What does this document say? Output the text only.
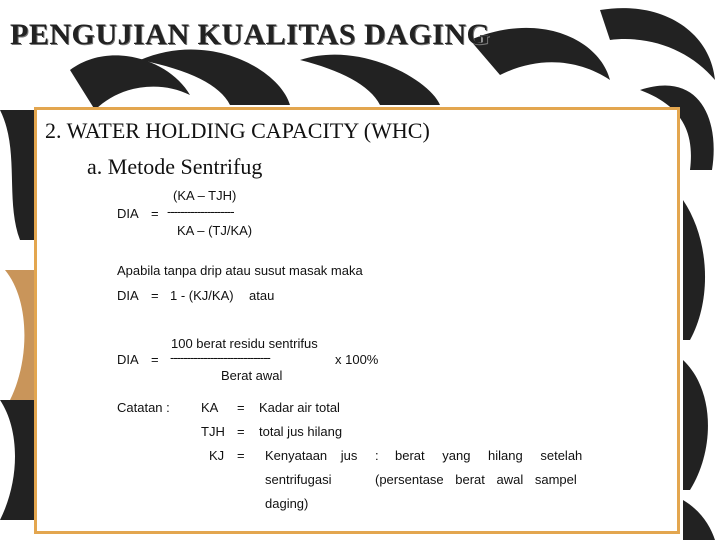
PENGUJIAN KUALITAS DAGING
2. WATER HOLDING CAPACITY (WHC)
a. Metode Sentrifug
(KA – TJH)
DIA = --------------------
KA – (TJ/KA)
Apabila tanpa drip atau susut masak maka
DIA = 1 - (KJ/KA) atau
100 berat residu sentrifus
DIA = ------------------------------	x 100%
Berat awal
Catatan : KA = Kadar air total
TJH = total jus hilang
KJ = Kenyataan jus : berat yang hilang setelah
sentrifugasi	(persentase berat awal sampel
daging)
